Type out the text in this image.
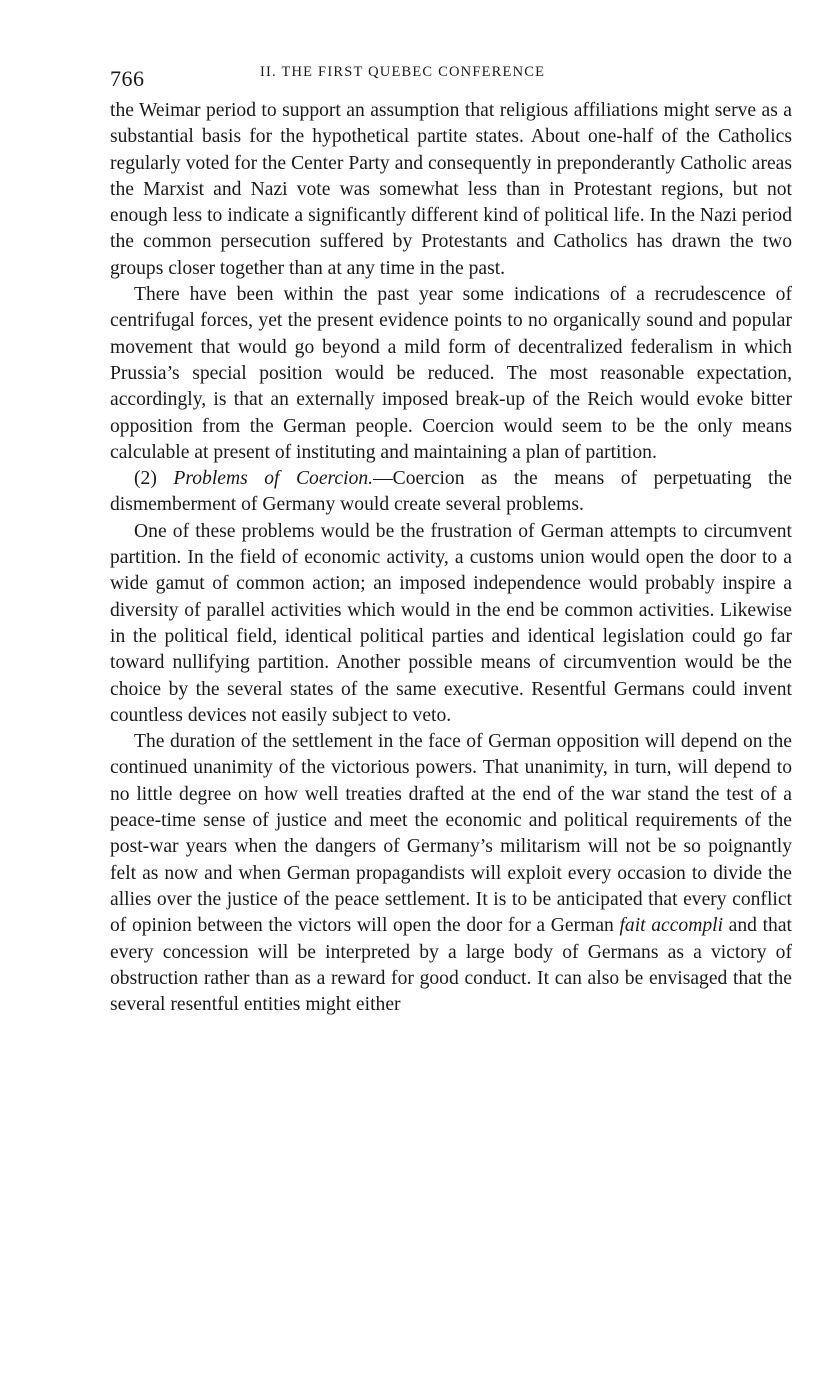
766	II. THE FIRST QUEBEC CONFERENCE

the Weimar period to support an assumption that religious affiliations might serve as a substantial basis for the hypothetical partite states. About one-half of the Catholics regularly voted for the Center Party and consequently in preponderantly Catholic areas the Marxist and Nazi vote was somewhat less than in Protestant regions, but not enough less to indicate a significantly different kind of political life. In the Nazi period the common persecution suffered by Protestants and Catholics has drawn the two groups closer together than at any time in the past.

There have been within the past year some indications of a recrudescence of centrifugal forces, yet the present evidence points to no organically sound and popular movement that would go beyond a mild form of decentralized federalism in which Prussia’s special position would be reduced. The most reasonable expectation, accordingly, is that an externally imposed break-up of the Reich would evoke bitter opposition from the German people. Coercion would seem to be the only means calculable at present of instituting and maintaining a plan of partition.

(2) Problems of Coercion.—Coercion as the means of perpetuating the dismemberment of Germany would create several problems.

One of these problems would be the frustration of German attempts to circumvent partition. In the field of economic activity, a customs union would open the door to a wide gamut of common action; an imposed independence would probably inspire a diversity of parallel activities which would in the end be common activities. Likewise in the political field, identical political parties and identical legislation could go far toward nullifying partition. Another possible means of circumvention would be the choice by the several states of the same executive. Resentful Germans could invent countless devices not easily subject to veto.

The duration of the settlement in the face of German opposition will depend on the continued unanimity of the victorious powers. That unanimity, in turn, will depend to no little degree on how well treaties drafted at the end of the war stand the test of a peace-time sense of justice and meet the economic and political requirements of the post-war years when the dangers of Germany’s militarism will not be so poignantly felt as now and when German propagandists will exploit every occasion to divide the allies over the justice of the peace settlement. It is to be anticipated that every conflict of opinion between the victors will open the door for a German fait accompli and that every concession will be interpreted by a large body of Germans as a victory of obstruction rather than as a reward for good conduct. It can also be envisaged that the several resentful entities might either
